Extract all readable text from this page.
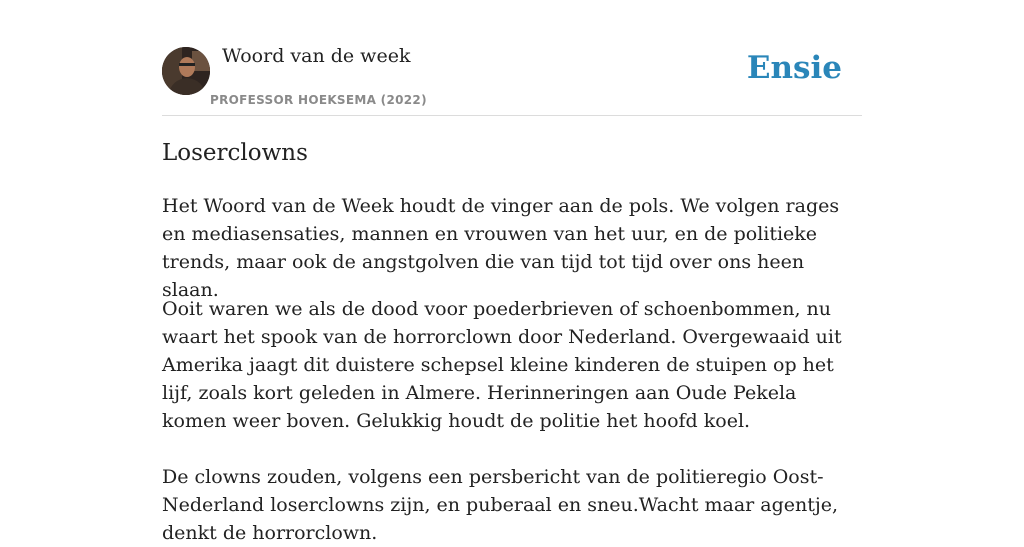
Woord van de week
PROFESSOR HOEKSEMA (2022)
Ensie
Loserclowns

Het Woord van de Week houdt de vinger aan de pols. We volgen rages en mediasensaties, mannen en vrouwen van het uur, en de politieke trends, maar ook de angstgolven die van tijd tot tijd over ons heen slaan.

Ooit waren we als de dood voor poederbrieven of schoenbommen, nu waart het spook van de horrorclown door Nederland. Overgewaaid uit Amerika jaagt dit duistere schepsel kleine kinderen de stuipen op het lijf, zoals kort geleden in Almere. Herinneringen aan Oude Pekela komen weer boven. Gelukkig houdt de politie het hoofd koel.

De clowns zouden, volgens een persbericht van de politieregio Oost-Nederland loserclowns zijn, en puberaal en sneu.Wacht maar agentje, denkt de horrorclown.
